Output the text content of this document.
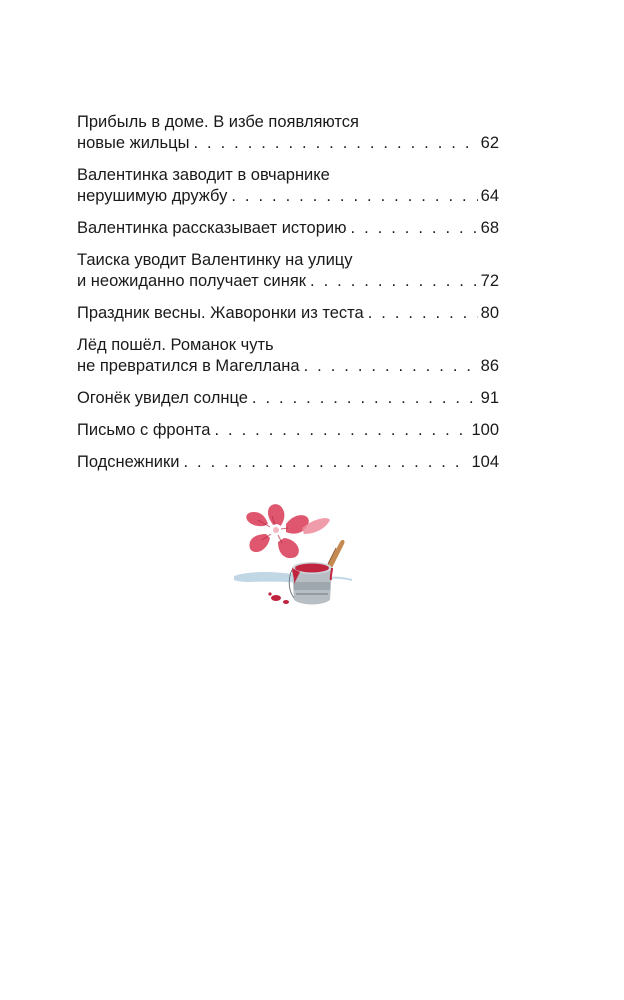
Прибыль в доме. В избе появляются
новые жильцы . . .	62
Валентинка заводит в овчарнике
нерушимую дружбу . . .	64
Валентинка рассказывает историю . . .	68
Таиска уводит Валентинку на улицу
и неожиданно получает синяк . . .	72
Праздник весны. Жаворонки из теста . . .	80
Лёд пошёл. Романок чуть
не превратился в Магеллана . . .	86
Огонёк увидел солнце . . .	91
Письмо с фронта . . .	100
Подснежники . . .	104
